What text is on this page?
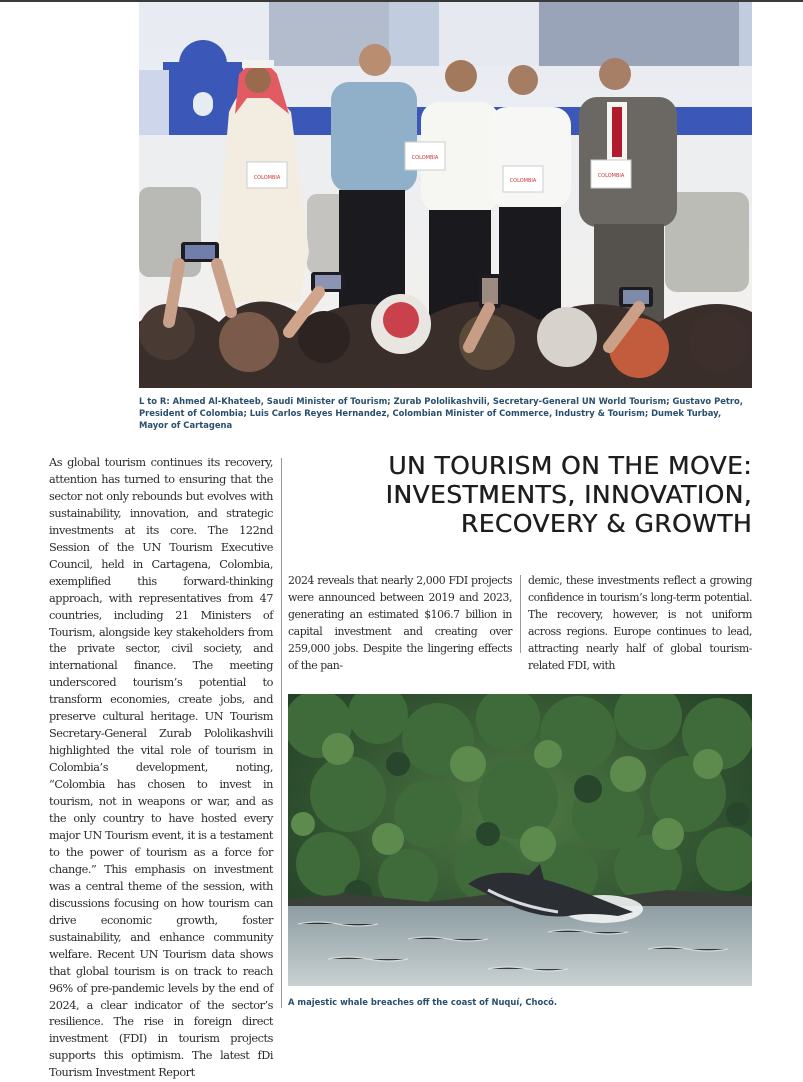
COLOMBIA
COLOMBIA
COLOMBIA
COLOMBIA
L to R: Ahmed Al-Khateeb, Saudi Minister of Tourism; Zurab Pololikashvili, Secretary-General UN World Tourism; Gustavo Petro, President of Colombia; Luis Carlos Reyes Hernandez, Colombian Minister of Commerce, Industry & Tourism; Dumek Turbay, Mayor of Cartagena

As global tourism continues its recovery, attention has turned to ensuring that the sector not only rebounds but evolves with sustainability, innovation, and strategic investments at its core. The 122nd Session of the UN Tourism Executive Council, held in Cartagena, Colombia, exemplified this forward-thinking approach, with representatives from 47 countries, including 21 Ministers of Tourism, alongside key stakeholders from the private sector, civil society, and international finance. The meeting underscored tourism’s potential to transform economies, create jobs, and preserve cultural heritage. UN Tourism Secretary-General Zurab Pololikashvili highlighted the vital role of tourism in Colombia’s development, noting, “Colombia has chosen to invest in tourism, not in weapons or war, and as the only country to have hosted every major UN Tourism event, it is a testament to the power of tourism as a force for change.” This emphasis on investment was a central theme of the session, with discussions focusing on how tourism can drive economic growth, foster sustainability, and enhance community welfare. Recent UN Tourism data shows that global tourism is on track to reach 96% of pre-pandemic levels by the end of 2024, a clear indicator of the sector’s resilience. The rise in foreign direct investment (FDI) in tourism projects supports this optimism. The latest fDi Tourism Investment Report

UN TOURISM ON THE MOVE:
INVESTMENTS, INNOVATION,
RECOVERY & GROWTH

2024 reveals that nearly 2,000 FDI projects were announced between 2019 and 2023, generating an estimated $106.7 billion in capital investment and creating over 259,000 jobs. Despite the lingering effects of the pan-

demic, these investments reflect a growing confidence in tourism’s long-term potential. The recovery, however, is not uniform across regions. Europe continues to lead, attracting nearly half of global tourism-related FDI, with

A majestic whale breaches off the coast of Nuquí, Chocó.
